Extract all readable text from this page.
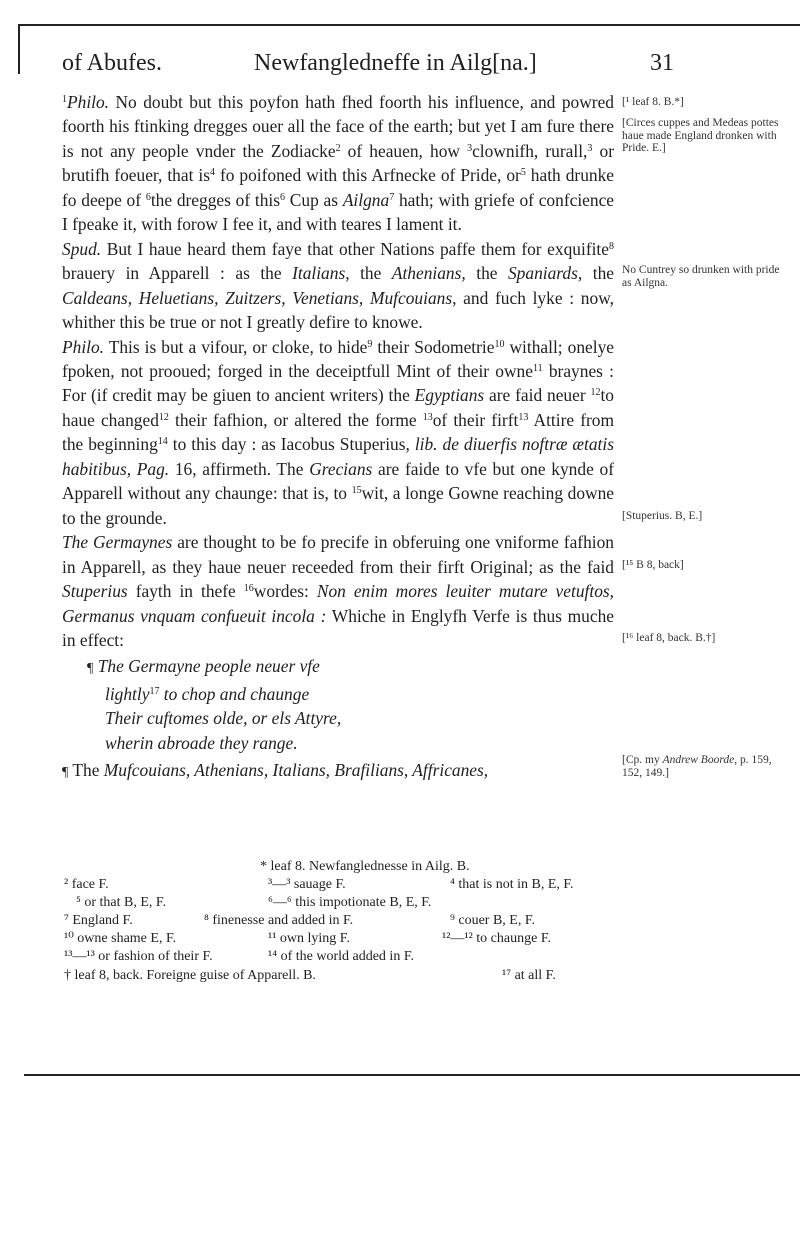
of Abufes.	Newfangledneffe in Ailg[na.]	31

$^1$Philo. No doubt but this poyfon hath fhed foorth his influence, and powred foorth his ftinking dregges ouer all the face of the earth; but yet I am fure there is not any people vnder the Zodiacke$^2$ of heauen, how $^3$clownifh, rurall,$^3$ or brutifh foeuer, that $is^4$ fo poifoned with this Arfnecke of Pride, $or^5$ hath drunke fo deepe of $^6$the dregges of this$^6$ Cup as Ailgna$^7$ hath; with griefe of confcience I fpeake it, with forow I fee it, and with teares I lament it.

Spud. But I haue heard them faye that other Nations paffe them for exquifite$^8$ brauery in Apparell : as the Italians, the Athenians, the Spaniards, the Caldeans, Heluetians, Zuitzers, Venetians, Mufcouians, and fuch lyke : now, whither this be true or not I greatly defire to knowe.

Philo. This is but a vifour, or cloke, to hide$^9$ their Sodometrie$^{10}$ withall; onelye fpoken, not prooued; forged in the deceiptfull Mint of their owne$^{11}$ braynes : For (if credit may be giuen to ancient writers) the Egyptians are faid neuer $^{12}$to haue changed$^{12}$ their fafhion, or altered the forme $^{13}$of their firft$^{13}$ Attire from the beginning$^{14}$ to this day : as Iacobus Stuperius, lib. de diuerfis noftræ ætatis habitibus, Pag. 16, affirmeth. The Grecians are faide to vfe but one kynde of Apparell without any chaunge: that is, to $^{15}$wit, a longe Gowne reaching downe to the grounde.

The Germaynes are thought to be fo precife in obferuing one vniforme fafhion in Apparell, as they haue neuer receeded from their firft Original; as the faid Stuperius fayth in thefe $^{16}$wordes: Non enim mores leuiter mutare vetuftos, Germanus vnquam confueuit incola : Whiche in Englyfh Verfe is thus muche in effect:

¶ The Germayne people neuer vfe
lightly$^{17}$ to chop and chaunge
Their cuftomes olde, or els Attyre,
wherin abroade they range.

¶ The Mufcouians, Athenians, Italians, Brafilians, Affricanes,

[¹ leaf 8. B.*]
[Circes cuppes and Medeas pottes haue made England dronken with Pride. E.]
No Cuntrey so drunken with pride as Ailgna.
[Stuperius. B, E.]
[¹⁵ B 8, back]
[¹⁶ leaf 8, back. B.†]
[Cp. my Andrew Boorde, p. 159, 152, 149.]
* leaf 8. Newfanglednesse in Ailg. B.
² face F.	³—³ sauage F.	⁴ that is not in B, E, F.
⁵ or that B, E, F.	⁶—⁶ this impotionate B, E, F.
⁷ England F.	⁸ finenesse and added in F.	⁹ couer B, E, F.
¹⁰ owne shame E, F.	¹¹ own lying F.	¹²—¹² to chaunge F.
¹³—¹³ or fashion of their F.	¹⁴ of the world added in F.
† leaf 8, back. Foreigne guise of Apparell. B.	¹⁷ at all F.
